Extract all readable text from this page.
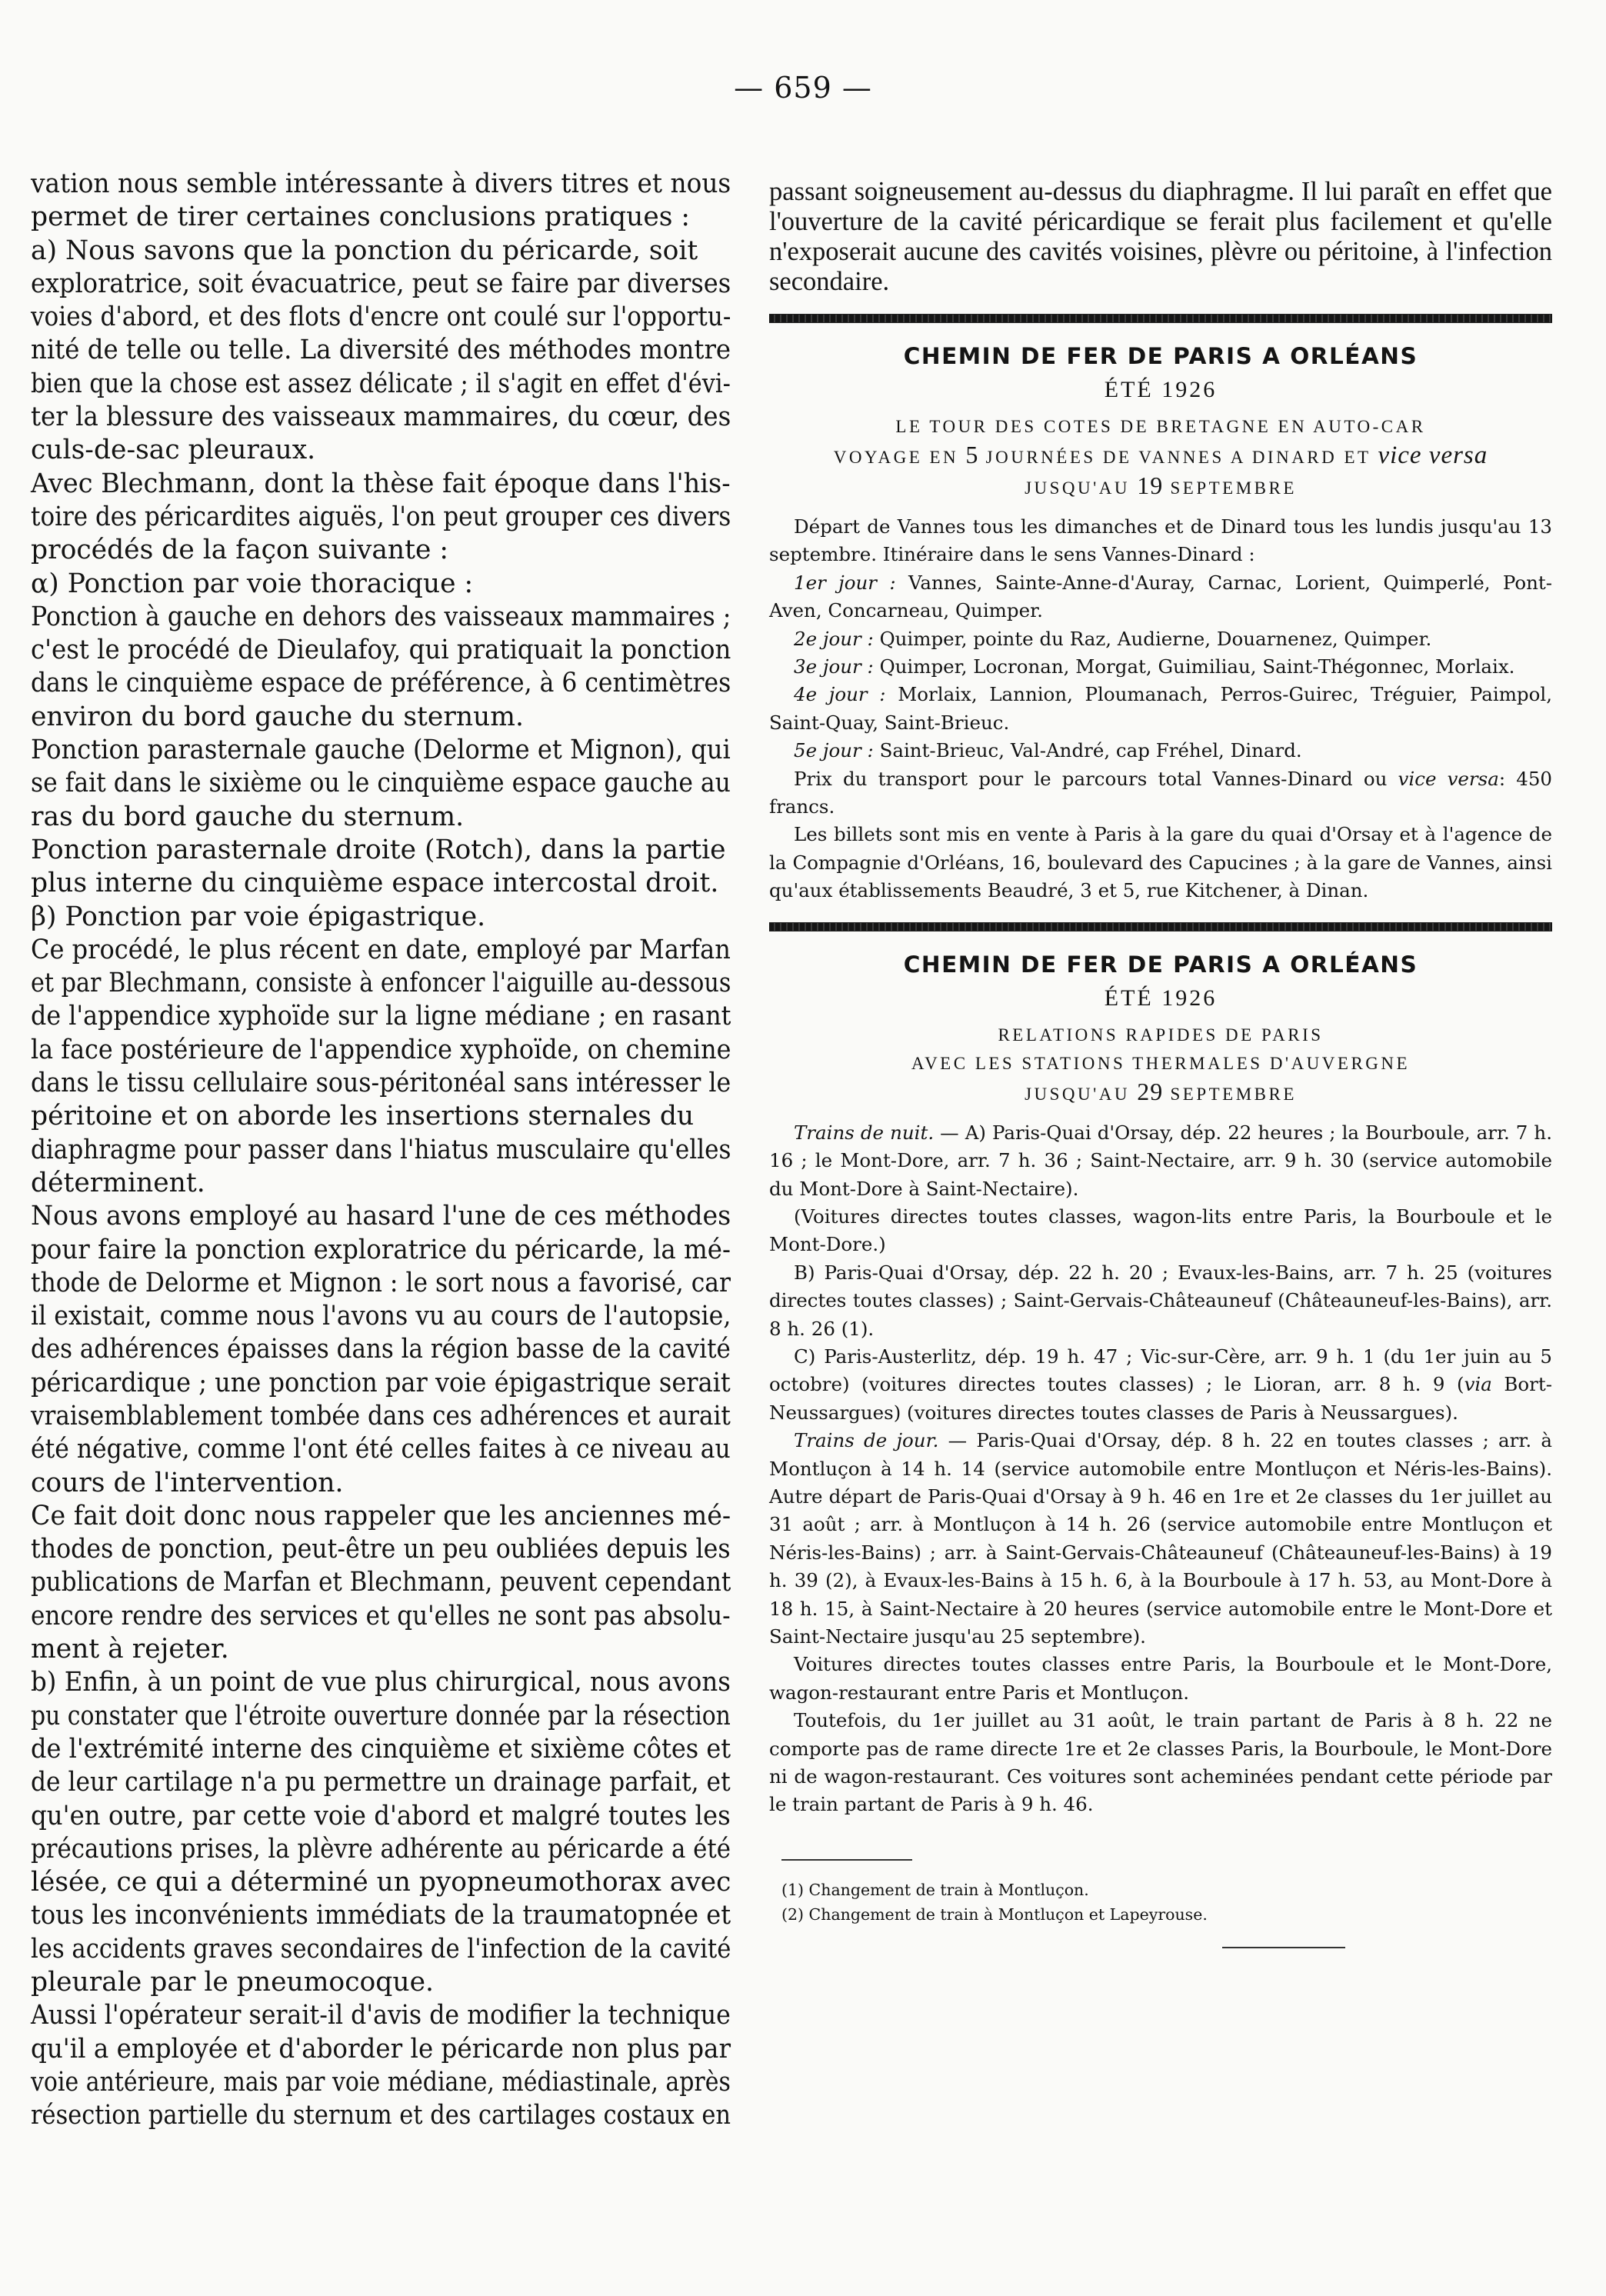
— 659 —

vation nous semble intéressante à divers titres et nous

permet de tirer certaines conclusions pratiques :

a) Nous savons que la ponction du péricarde, soit

exploratrice, soit évacuatrice, peut se faire par diverses

voies d'abord, et des flots d'encre ont coulé sur l'opportu-

nité de telle ou telle. La diversité des méthodes montre

bien que la chose est assez délicate ; il s'agit en effet d'évi-

ter la blessure des vaisseaux mammaires, du cœur, des

culs-de-sac pleuraux.

Avec Blechmann, dont la thèse fait époque dans l'his-

toire des péricardites aiguës, l'on peut grouper ces divers

procédés de la façon suivante :

α) Ponction par voie thoracique :

Ponction à gauche en dehors des vaisseaux mammaires ;

c'est le procédé de Dieulafoy, qui pratiquait la ponction

dans le cinquième espace de préférence, à 6 centimètres

environ du bord gauche du sternum.

Ponction parasternale gauche (Delorme et Mignon), qui

se fait dans le sixième ou le cinquième espace gauche au

ras du bord gauche du sternum.

Ponction parasternale droite (Rotch), dans la partie

plus interne du cinquième espace intercostal droit.

β) Ponction par voie épigastrique.

Ce procédé, le plus récent en date, employé par Marfan

et par Blechmann, consiste à enfoncer l'aiguille au-dessous

de l'appendice xyphoïde sur la ligne médiane ; en rasant

la face postérieure de l'appendice xyphoïde, on chemine

dans le tissu cellulaire sous-péritonéal sans intéresser le

péritoine et on aborde les insertions sternales du

diaphragme pour passer dans l'hiatus musculaire qu'elles

déterminent.

Nous avons employé au hasard l'une de ces méthodes

pour faire la ponction exploratrice du péricarde, la mé-

thode de Delorme et Mignon : le sort nous a favorisé, car

il existait, comme nous l'avons vu au cours de l'autopsie,

des adhérences épaisses dans la région basse de la cavité

péricardique ; une ponction par voie épigastrique serait

vraisemblablement tombée dans ces adhérences et aurait

été négative, comme l'ont été celles faites à ce niveau au

cours de l'intervention.

Ce fait doit donc nous rappeler que les anciennes mé-

thodes de ponction, peut-être un peu oubliées depuis les

publications de Marfan et Blechmann, peuvent cependant

encore rendre des services et qu'elles ne sont pas absolu-

ment à rejeter.

b) Enfin, à un point de vue plus chirurgical, nous avons

pu constater que l'étroite ouverture donnée par la résection

de l'extrémité interne des cinquième et sixième côtes et

de leur cartilage n'a pu permettre un drainage parfait, et

qu'en outre, par cette voie d'abord et malgré toutes les

précautions prises, la plèvre adhérente au péricarde a été

lésée, ce qui a déterminé un pyopneumothorax avec

tous les inconvénients immédiats de la traumatopnée et

les accidents graves secondaires de l'infection de la cavité

pleurale par le pneumocoque.

Aussi l'opérateur serait-il d'avis de modifier la technique

qu'il a employée et d'aborder le péricarde non plus par

voie antérieure, mais par voie médiane, médiastinale, après

résection partielle du sternum et des cartilages costaux en

passant soigneusement au-dessus du diaphragme. Il lui paraît en effet que l'ouverture de la cavité péricardique se ferait plus facilement et qu'elle n'exposerait aucune des cavités voisines, plèvre ou péritoine, à l'infection secondaire.

CHEMIN DE FER DE PARIS A ORLÉANS
ÉTÉ 1926

LE TOUR DES COTES DE BRETAGNE EN AUTO-CAR

VOYAGE EN 5 JOURNÉES DE VANNES A DINARD ET vice versa

JUSQU'AU 19 SEPTEMBRE

Départ de Vannes tous les dimanches et de Dinard tous les lundis jusqu'au 13 septembre. Itinéraire dans le sens Vannes-Dinard :

1er jour : Vannes, Sainte-Anne-d'Auray, Carnac, Lorient, Quimperlé, Pont-Aven, Concarneau, Quimper.

2e jour : Quimper, pointe du Raz, Audierne, Douarnenez, Quimper.

3e jour : Quimper, Locronan, Morgat, Guimiliau, Saint-Thégonnec, Morlaix.

4e jour : Morlaix, Lannion, Ploumanach, Perros-Guirec, Tréguier, Paimpol, Saint-Quay, Saint-Brieuc.

5e jour : Saint-Brieuc, Val-André, cap Fréhel, Dinard.

Prix du transport pour le parcours total Vannes-Dinard ou vice versa: 450 francs.

Les billets sont mis en vente à Paris à la gare du quai d'Orsay et à l'agence de la Compagnie d'Orléans, 16, boulevard des Capucines ; à la gare de Vannes, ainsi qu'aux établissements Beaudré, 3 et 5, rue Kitchener, à Dinan.

CHEMIN DE FER DE PARIS A ORLÉANS
ÉTÉ 1926

RELATIONS RAPIDES DE PARIS

AVEC LES STATIONS THERMALES D'AUVERGNE

JUSQU'AU 29 SEPTEMBRE

Trains de nuit. — A) Paris-Quai d'Orsay, dép. 22 heures ; la Bourboule, arr. 7 h. 16 ; le Mont-Dore, arr. 7 h. 36 ; Saint-Nectaire, arr. 9 h. 30 (service automobile du Mont-Dore à Saint-Nectaire).

(Voitures directes toutes classes, wagon-lits entre Paris, la Bourboule et le Mont-Dore.)

B) Paris-Quai d'Orsay, dép. 22 h. 20 ; Evaux-les-Bains, arr. 7 h. 25 (voitures directes toutes classes) ; Saint-Gervais-Châteauneuf (Châteauneuf-les-Bains), arr. 8 h. 26 (1).

C) Paris-Austerlitz, dép. 19 h. 47 ; Vic-sur-Cère, arr. 9 h. 1 (du 1er juin au 5 octobre) (voitures directes toutes classes) ; le Lioran, arr. 8 h. 9 (via Bort-Neussargues) (voitures directes toutes classes de Paris à Neussargues).

Trains de jour. — Paris-Quai d'Orsay, dép. 8 h. 22 en toutes classes ; arr. à Montluçon à 14 h. 14 (service automobile entre Montluçon et Néris-les-Bains). Autre départ de Paris-Quai d'Orsay à 9 h. 46 en 1re et 2e classes du 1er juillet au 31 août ; arr. à Montluçon à 14 h. 26 (service automobile entre Montluçon et Néris-les-Bains) ; arr. à Saint-Gervais-Châteauneuf (Châteauneuf-les-Bains) à 19 h. 39 (2), à Evaux-les-Bains à 15 h. 6, à la Bourboule à 17 h. 53, au Mont-Dore à 18 h. 15, à Saint-Nectaire à 20 heures (service automobile entre le Mont-Dore et Saint-Nectaire jusqu'au 25 septembre).

Voitures directes toutes classes entre Paris, la Bourboule et le Mont-Dore, wagon-restaurant entre Paris et Montluçon.

Toutefois, du 1er juillet au 31 août, le train partant de Paris à 8 h. 22 ne comporte pas de rame directe 1re et 2e classes Paris, la Bourboule, le Mont-Dore ni de wagon-restaurant. Ces voitures sont acheminées pendant cette période par le train partant de Paris à 9 h. 46.

(1) Changement de train à Montluçon.

(2) Changement de train à Montluçon et Lapeyrouse.
